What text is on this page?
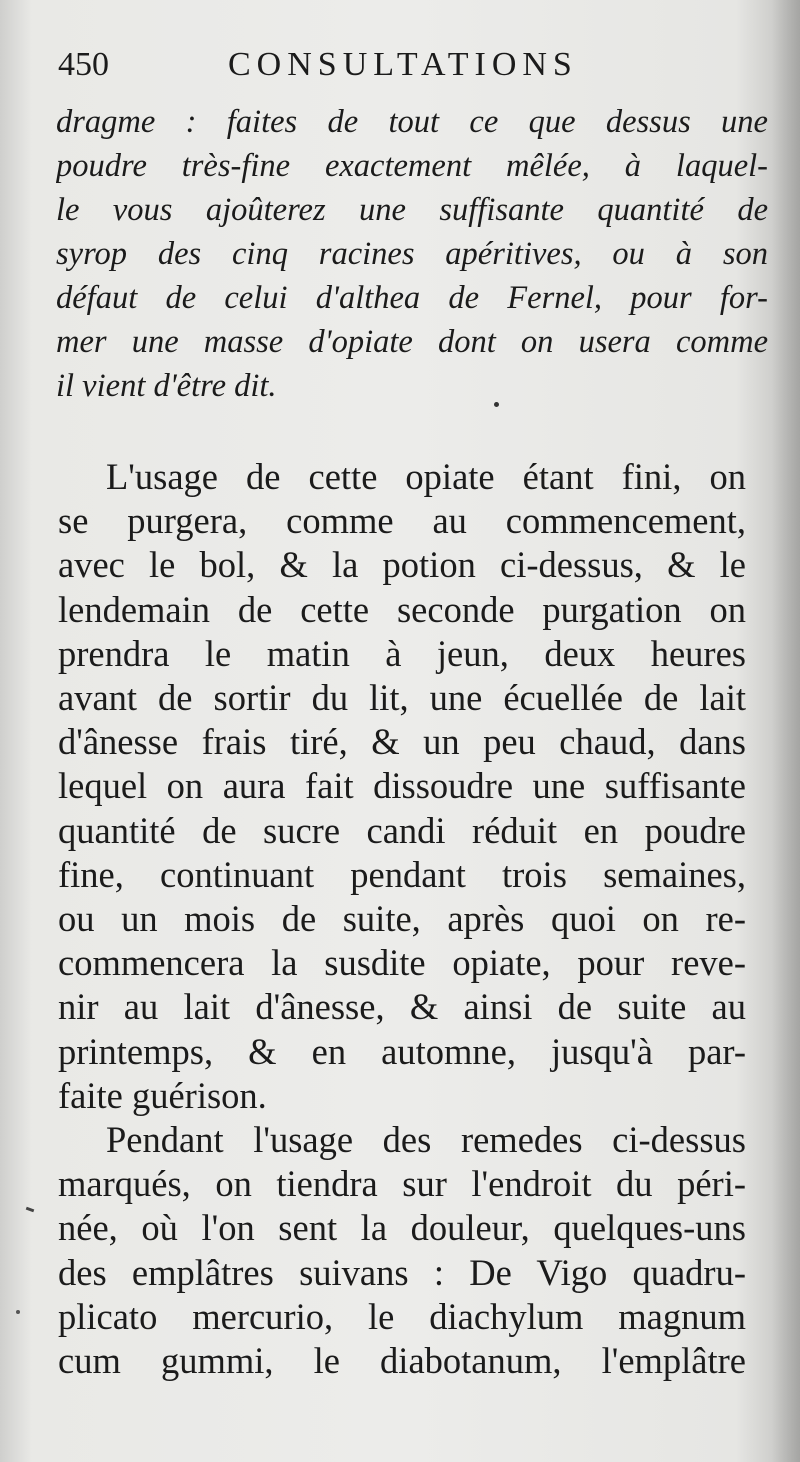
450	CONSULTATIONS
dragme : faites de tout ce que dessus une
poudre très-fine exactement mêlée, à laquel-
le vous ajoûterez une suffisante quantité de
syrop des cinq racines apéritives, ou à son
défaut de celui d'althea de Fernel, pour for-
mer une masse d'opiate dont on usera comme
il vient d'être dit.
L'usage de cette opiate étant fini, on
se purgera, comme au commencement,
avec le bol, & la potion ci-dessus, & le
lendemain de cette seconde purgation on
prendra le matin à jeun, deux heures
avant de sortir du lit, une écuellée de lait
d'ânesse frais tiré, & un peu chaud, dans
lequel on aura fait dissoudre une suffisante
quantité de sucre candi réduit en poudre
fine, continuant pendant trois semaines,
ou un mois de suite, après quoi on re-
commencera la susdite opiate, pour reve-
nir au lait d'ânesse, & ainsi de suite au
printemps, & en automne, jusqu'à par-
faite guérison.
Pendant l'usage des remedes ci-dessus
marqués, on tiendra sur l'endroit du péri-
née, où l'on sent la douleur, quelques-uns
des emplâtres suivans : De Vigo quadru-
plicato mercurio, le diachylum magnum
cum gummi, le diabotanum, l'emplâtre
